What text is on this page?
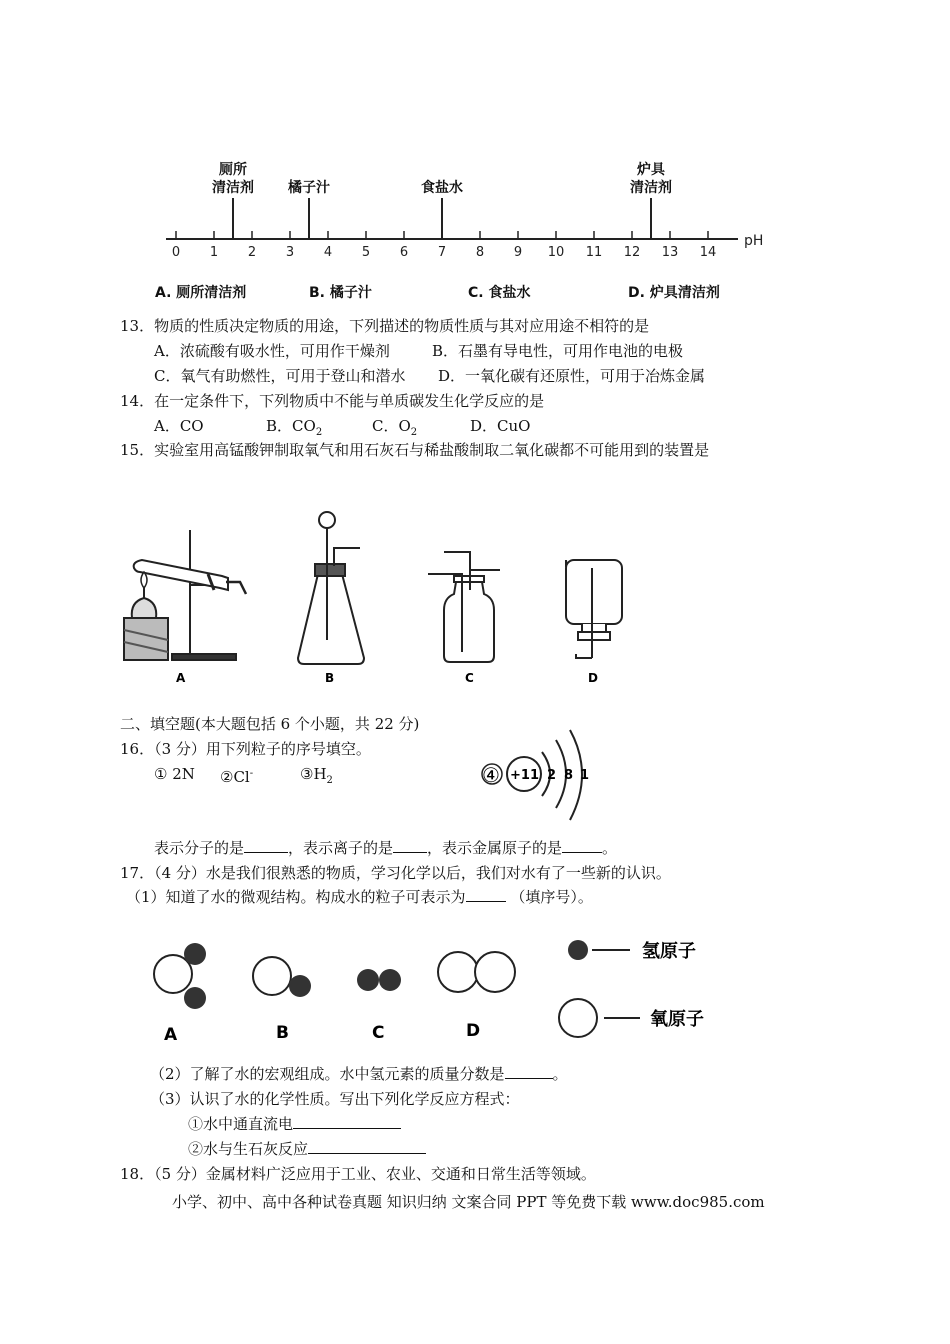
0 1 2 3 4 5 6 7 8 9 10 11 12 13 14
厕所
清洁剂 橘子汁	食盐水
炉具
清洁剂
pH
A. 厕所清洁剂	B. 橘子汁	C. 食盐水	D. 炉具清洁剂
13．物质的性质决定物质的用途，下列描述的物质性质与其对应用途不相符的是
A．浓硫酸有吸水性，可用作干燥剂	B．石墨有导电性，可用作电池的电极
C．氧气有助燃性，可用于登山和潜水 D．一氧化碳有还原性，可用于冶炼金属
14．在一定条件下，下列物质中不能与单质碳发生化学反应的是
A．CO	B．$CO_2$	C．$O_2$	D．CuO
15．实验室用高锰酸钾制取氧气和用石灰石与稀盐酸制取二氧化碳都不可能用到的装置是
A	B	C	D
二、填空题(本大题包括 6 个小题，共 22 分)
16．（3 分）用下列粒子的序号填空。
① 2N ②Cl-	$③H_2$	④ +11 2 8 1
表示分子的是	，表示离子的是 ，表示金属原子的是	。
17．（4 分）水是我们很熟悉的物质，学习化学以后，我们对水有了一些新的认识。
（1）知道了水的微观结构。构成水的粒子可表示为	（填序号）。
A	B	C	D
氢原子
氧原子
（2）了解了水的宏观组成。水中氢元素的质量分数是	。
（3）认识了水的化学性质。写出下列化学反应方程式：
①水中通直流电
②水与生石灰反应
18．（5 分）金属材料广泛应用于工业、农业、交通和日常生活等领域。
小学、初中、高中各种试卷真题 知识归纳 文案合同 PPT 等免费下载 www.doc985.com
